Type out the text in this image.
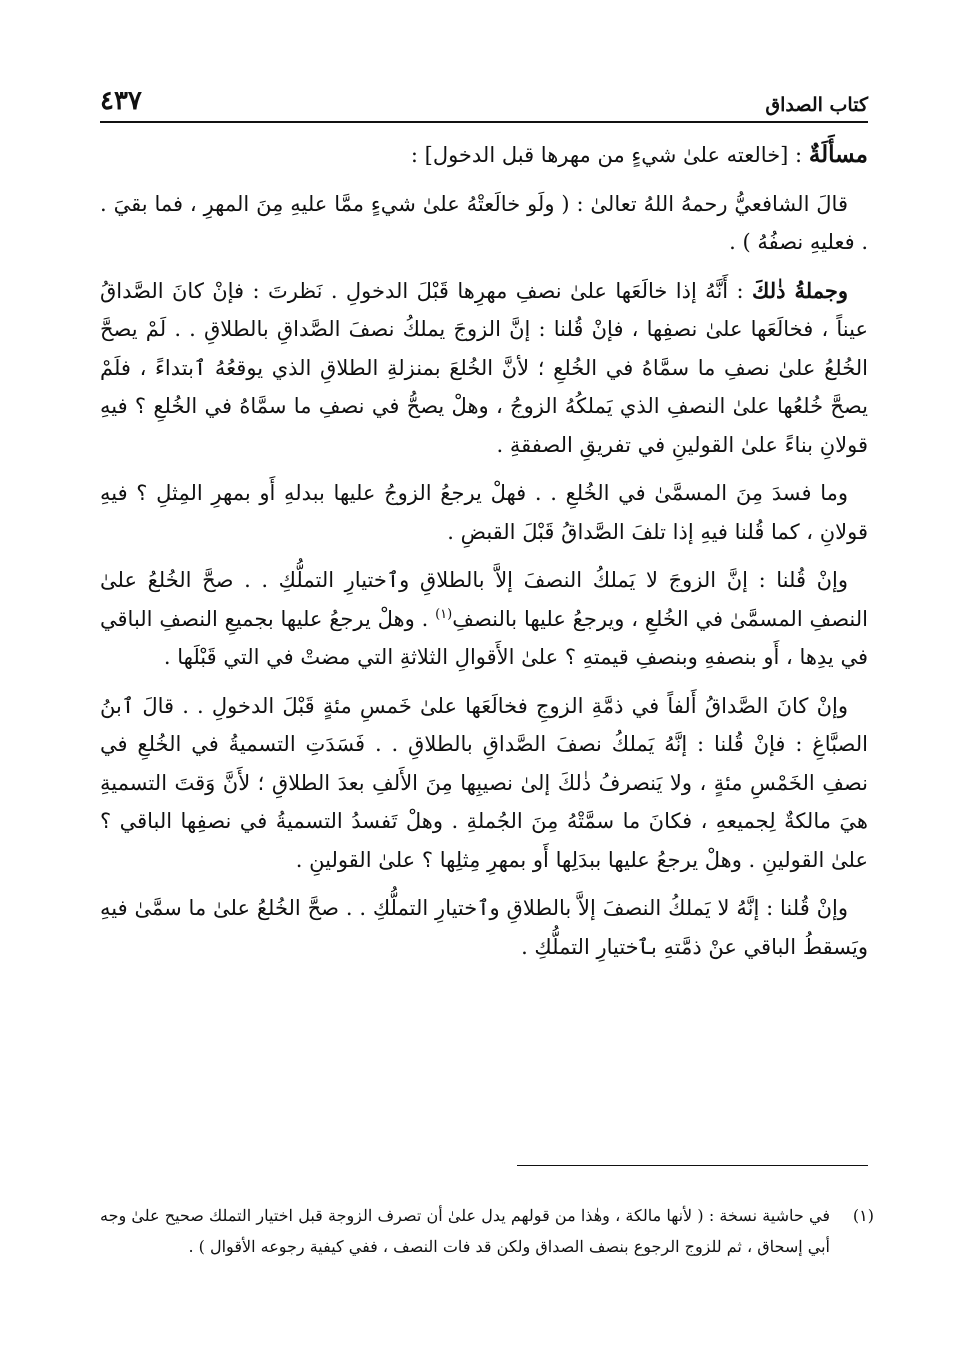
كتاب الصداق
٤٣٧

مسأَلَةٌ : [خالعته علىٰ شيءٍ من مهرها قبل الدخول] :

قالَ الشافعيُّ رحمهُ اللهُ تعالىٰ : ( ولَو خالَعتْهُ علىٰ شيءٍ ممَّا عليهِ مِنَ المهرِ ، فما بقيَ . . فعليهِ نصفُهُ ) .

وجملةُ ذٰلكَ : أَنَّهُ إذا خالَعَها علىٰ نصفِ مهرِها قَبْلَ الدخولِ . نَظرتَ : فإنْ كانَ الصَّداقُ عيناً ، فخالَعَها علىٰ نصفِها ، فإنْ قُلنا : إنَّ الزوجَ يملكُ نصفَ الصَّداقِ بالطلاقِ . . لَمْ يصحَّ الخُلعُ علىٰ نصفِ ما سمَّاهُ في الخُلعِ ؛ لأنَّ الخُلعَ بمنزلةِ الطلاقِ الذي يوقعُهُ ٱبتداءً ، فلَمْ يصحَّ خُلعُها علىٰ النصفِ الذي يَملكُهُ الزوجُ ، وهلْ يصحُّ في نصفِ ما سمَّاهُ في الخُلعِ ؟ فيهِ قولانِ بناءً علىٰ القولينِ في تفريقِ الصفقةِ .

وما فسدَ مِنَ المسمَّىٰ في الخُلعِ . . فهلْ يرجعُ الزوجُ عليها ببدلهِ أَو بمهرِ المِثلِ ؟ فيهِ قولانِ ، كما قُلنا فيهِ إذا تلفَ الصَّداقُ قَبْلَ القبضِ .

وإنْ قُلنا : إنَّ الزوجَ لا يَملكُ النصفَ إلاَّ بالطلاقِ وٱختيارِ التملُّكِ . . صحَّ الخُلعُ علىٰ النصفِ المسمَّىٰ في الخُلعِ ، ويرجعُ عليها بالنصفِ$^{(١)}$ . وهلْ يرجعُ عليها بجميعِ النصفِ الباقي في يدِها ، أَو بنصفهِ وبنصفِ قيمتهِ ؟ علىٰ الأَقوالِ الثلاثةِ التي مضتْ في التي قَبْلَها .

وإنْ كانَ الصَّداقُ أَلفاً في ذمَّةِ الزوجِ فخالَعَها علىٰ خَمسِ مئةٍ قَبْلَ الدخولِ . . قالَ ٱبنُ الصبَّاغِ : فإنْ قُلنا : إنَّهُ يَملكُ نصفَ الصَّداقِ بالطلاقِ . . فَسَدَتِ التسميةُ في الخُلعِ في نصفِ الخَمْسِ مئةٍ ، ولا يَنصرفُ ذٰلكَ إلىٰ نصيبِها مِنَ الأَلفِ بعدَ الطلاقِ ؛ لأَنَّ وَقتَ التسميةِ هيَ مالكةٌ لِجميعهِ ، فكانَ ما سمَّتْهُ مِنَ الجُملةِ . وهلْ تَفسدُ التسميةُ في نصفِها الباقي ؟ علىٰ القولينِ . وهلْ يرجعُ عليها ببدَلِها أَو بمهرِ مِثلِها ؟ علىٰ القولينِ .

وإنْ قُلنا : إنَّهُ لا يَملكُ النصفَ إلاَّ بالطلاقِ وٱختيارِ التملُّكِ . . صحَّ الخُلعُ علىٰ ما سمَّىٰ فيهِ ويَسقطُ الباقي عنْ ذمَّتهِ بٱختيارِ التملُّكِ .

(١)
في حاشية نسخة : ( لأنها مالكة ، وهٰذا من قولهم يدل علىٰ أن تصرف الزوجة قبل اختيار التملك صحيح علىٰ وجه أبي إسحاق ، ثم للزوج الرجوع بنصف الصداق ولكن قد فات النصف ، ففي كيفية رجوعه الأقوال ) .
